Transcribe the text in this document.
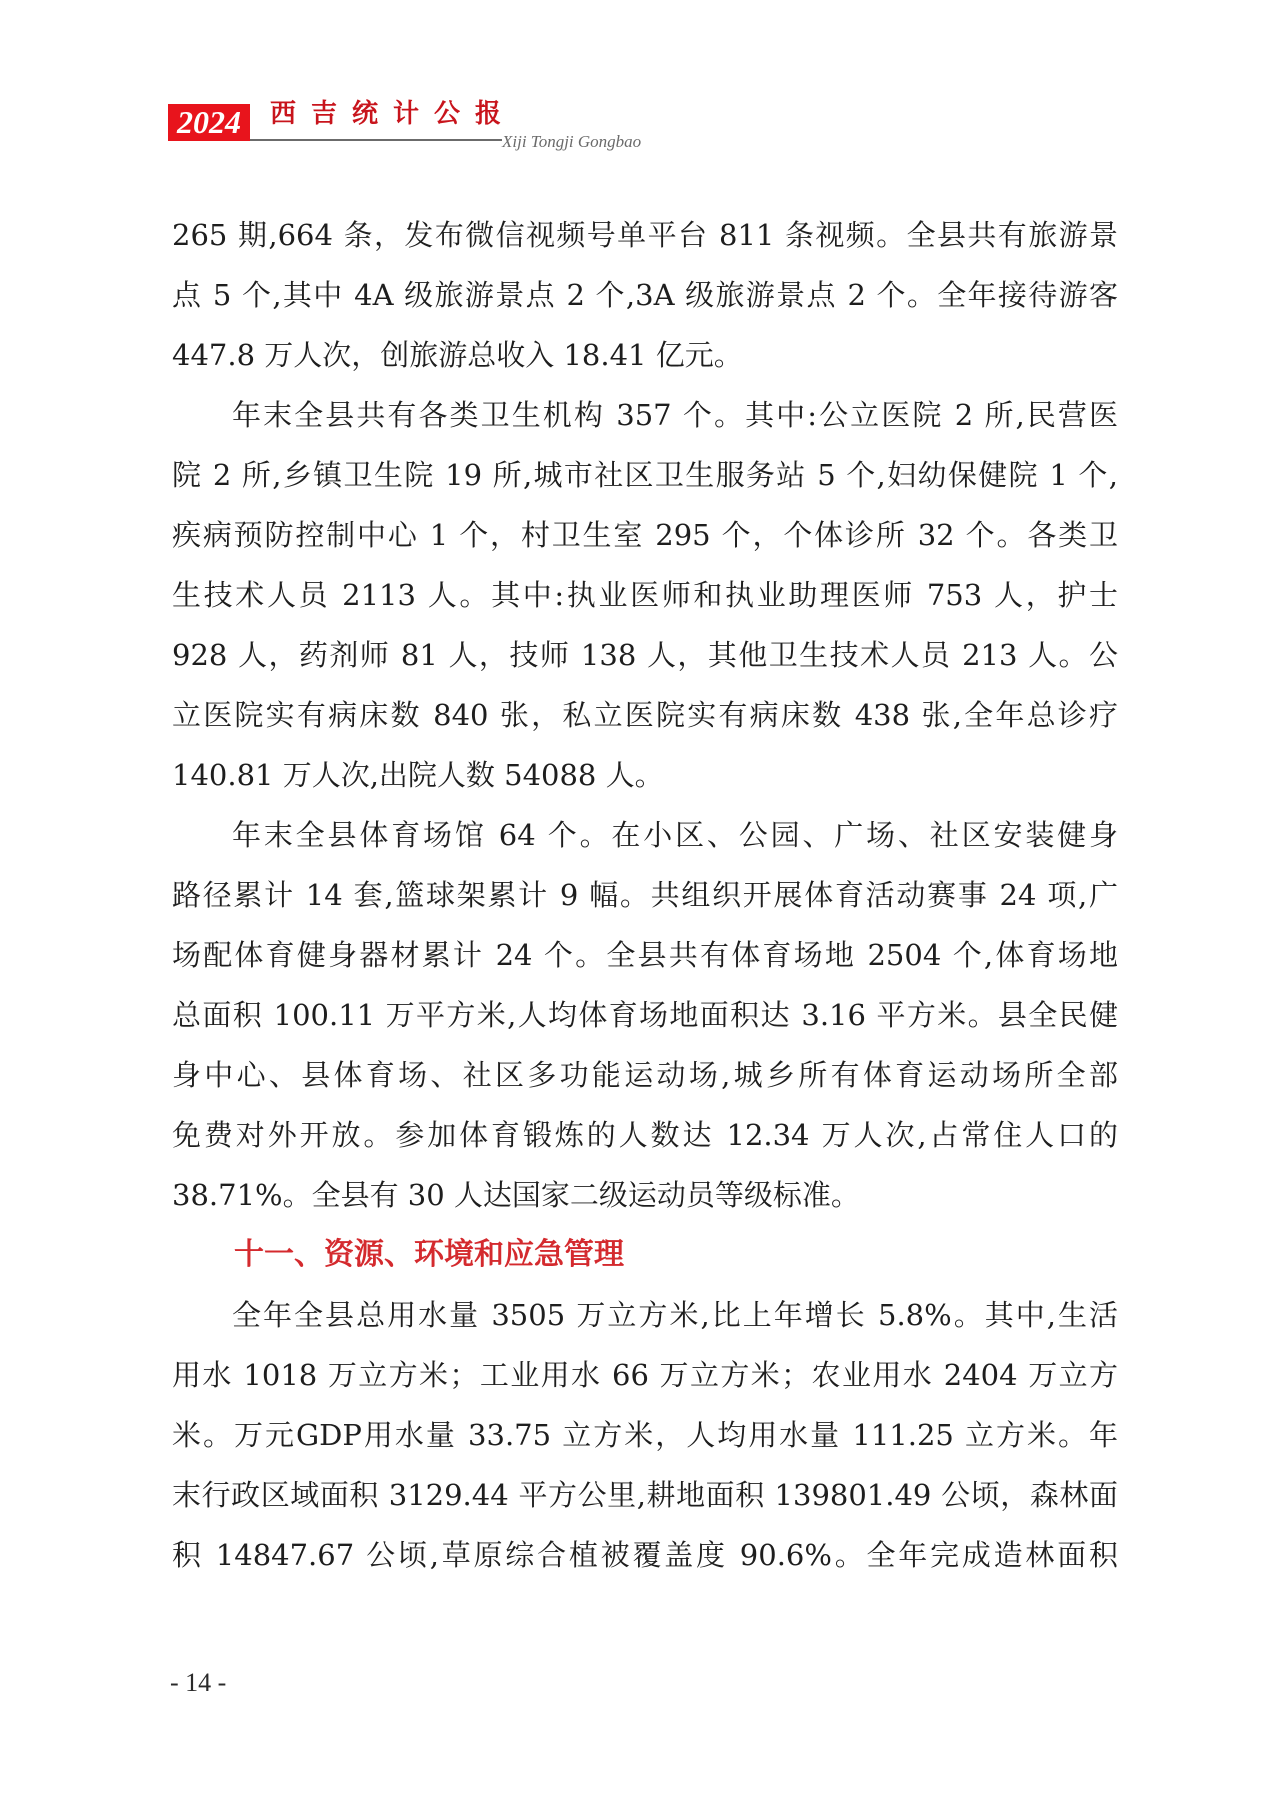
2024	西吉统计公报
Xiji Tongji Gongbao
265 期,664 条，发布微信视频号单平台 811 条视频。全县共有旅游景
点 5 个,其中 4A 级旅游景点 2 个,3A 级旅游景点 2 个。全年接待游客
447.8 万人次，创旅游总收入 18.41 亿元。
年末全县共有各类卫生机构 357 个。其中:公立医院 2 所,民营医
院 2 所,乡镇卫生院 19 所,城市社区卫生服务站 5 个,妇幼保健院 1 个,
疾病预防控制中心 1 个，村卫生室 295 个，个体诊所 32 个。各类卫
生技术人员 2113 人。其中:执业医师和执业助理医师 753 人，护士
928 人，药剂师 81 人，技师 138 人，其他卫生技术人员 213 人。公
立医院实有病床数 840 张，私立医院实有病床数 438 张,全年总诊疗
140.81 万人次,出院人数 54088 人。
年末全县体育场馆 64 个。在小区、公园、广场、社区安装健身
路径累计 14 套,篮球架累计 9 幅。共组织开展体育活动赛事 24 项,广
场配体育健身器材累计 24 个。全县共有体育场地 2504 个,体育场地
总面积 100.11 万平方米,人均体育场地面积达 3.16 平方米。县全民健
身中心、县体育场、社区多功能运动场,城乡所有体育运动场所全部
免费对外开放。参加体育锻炼的人数达 12.34 万人次,占常住人口的
38.71%。全县有 30 人达国家二级运动员等级标准。
十一、资源、环境和应急管理
全年全县总用水量 3505 万立方米,比上年增长 5.8%。其中,生活
用水 1018 万立方米；工业用水 66 万立方米；农业用水 2404 万立方
米。万元GDP用水量 33.75 立方米，人均用水量 111.25 立方米。年
末行政区域面积 3129.44 平方公里,耕地面积 139801.49 公顷，森林面
积 14847.67 公顷,草原综合植被覆盖度 90.6%。全年完成造林面积
- 14 -
